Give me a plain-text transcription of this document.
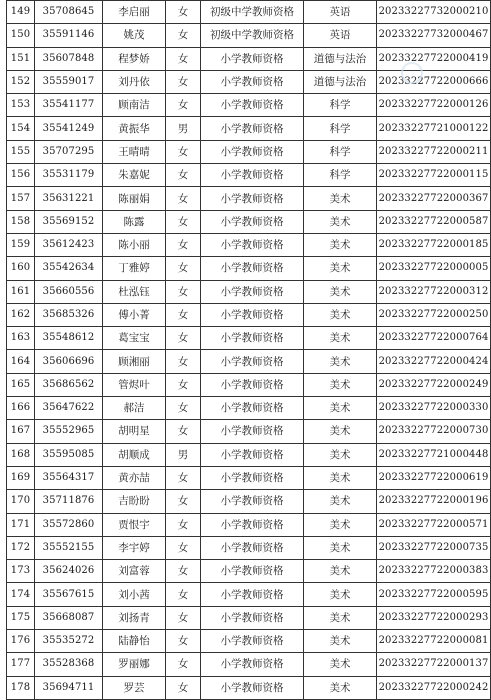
149	35708645	李启丽	女	初级中学教师资格	英语	20233227732000210
150	35591146	姚茂	女	初级中学教师资格	英语	20233227732000467
151	35607848	程梦娇	女	小学教师资格	道德与法治	20233227722000419
152	35559017	刘丹依	女	小学教师资格	道德与法治	20233227722000666
153	35541177	顾南洁	女	小学教师资格	科学	20233227722000126
154	35541249	黄振华	男	小学教师资格	科学	20233227721000122
155	35707295	王晴晴	女	小学教师资格	科学	20233227722000211
156	35531179	朱嘉妮	女	小学教师资格	科学	20233227722000115
157	35631221	陈丽娟	女	小学教师资格	美术	20233227722000367
158	35569152	陈露	女	小学教师资格	美术	20233227722000587
159	35612423	陈小丽	女	小学教师资格	美术	20233227722000185
160	35542634	丁雅婷	女	小学教师资格	美术	20233227722000005
161	35660556	杜泓钰	女	小学教师资格	美术	20233227722000312
162	35685326	傅小菁	女	小学教师资格	美术	20233227722000250
163	35548612	葛宝宝	女	小学教师资格	美术	20233227722000764
164	35606696	顾湘丽	女	小学教师资格	美术	20233227722000424
165	35686562	管烬叶	女	小学教师资格	美术	20233227722000249
166	35647622	郝洁	女	小学教师资格	美术	20233227722000330
167	35552965	胡明星	女	小学教师资格	美术	20233227722000730
168	35595085	胡顺成	男	小学教师资格	美术	20233227721000448
169	35564317	黄亦喆	女	小学教师资格	美术	20233227722000619
170	35711876	吉盼盼	女	小学教师资格	美术	20233227722000196
171	35572860	贾恨宇	女	小学教师资格	美术	20233227722000571
172	35552155	李宇婷	女	小学教师资格	美术	20233227722000735
173	35624026	刘富蓉	女	小学教师资格	美术	20233227722000383
174	35567615	刘小茜	女	小学教师资格	美术	20233227722000595
175	35668087	刘扬青	女	小学教师资格	美术	20233227722000293
176	35535272	陆静怡	女	小学教师资格	美术	20233227722000081
177	35528368	罗丽娜	女	小学教师资格	美术	20233227722000137
178	35694711	罗芸	女	小学教师资格	美术	20233227722000242
